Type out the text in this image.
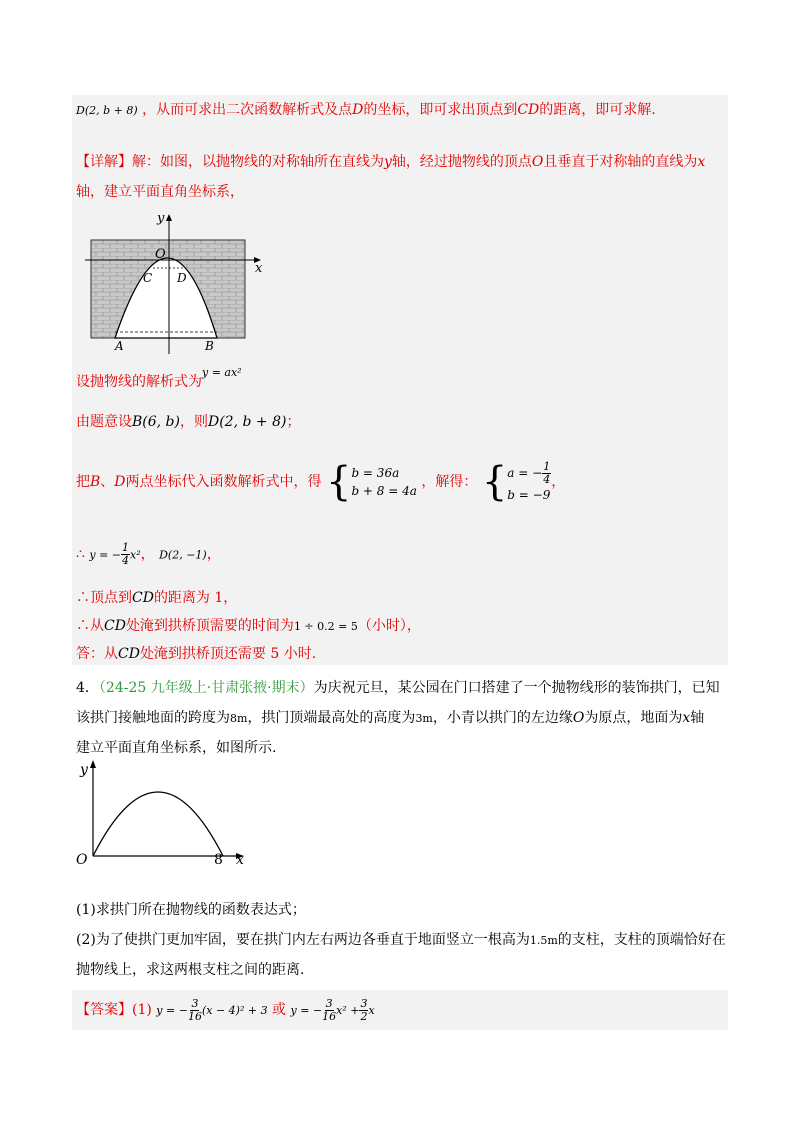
D(2, b + 8) ，从而可求出二次函数解析式及点D的坐标，即可求出顶点到CD的距离，即可求解.
【详解】解：如图，以抛物线的对称轴所在直线为y轴，经过抛物线的顶点O且垂直于对称轴的直线为x
轴，建立平面直角坐标系，
y
O
x
C D
A	B
设抛物线的解析式为$^{y = ax^2}$
由题意设B(6, b)，则D(2, b + 8)；
把B、D两点坐标代入函数解析式中，得 { b = 36a
b + 8 = 4a
，解得： { a = − $\frac{1}{4}$
b = −9
，
∴ y = − $\frac{1}{4} x^2$， D(2, −1)，
∴顶点到CD的距离为 1，
∴从CD处淹到拱桥顶需要的时间为1 ÷ 0.2 = 5（小时），
答：从CD处淹到拱桥顶还需要 5 小时.
4．（24-25 九年级上·甘肃张掖·期末）为庆祝元旦，某公园在门口搭建了一个抛物线形的装饰拱门，已知
该拱门接触地面的跨度为8m，拱门顶端最高处的高度为3m，小青以拱门的左边缘O为原点，地面为x轴
建立平面直角坐标系，如图所示.
y
O	8 x
(1)求拱门所在抛物线的函数表达式；
(2)为了使拱门更加牢固，要在拱门内左右两边各垂直于地面竖立一根高为1.5m的支柱，支柱的顶端恰好在
抛物线上，求这两根支柱之间的距离.
【答案】(1) y = − $\frac{3}{16} (x - 4)^2 + 3$ 或 y = − $\frac{3}{16} x^2 + \frac{3}{2}$ x
